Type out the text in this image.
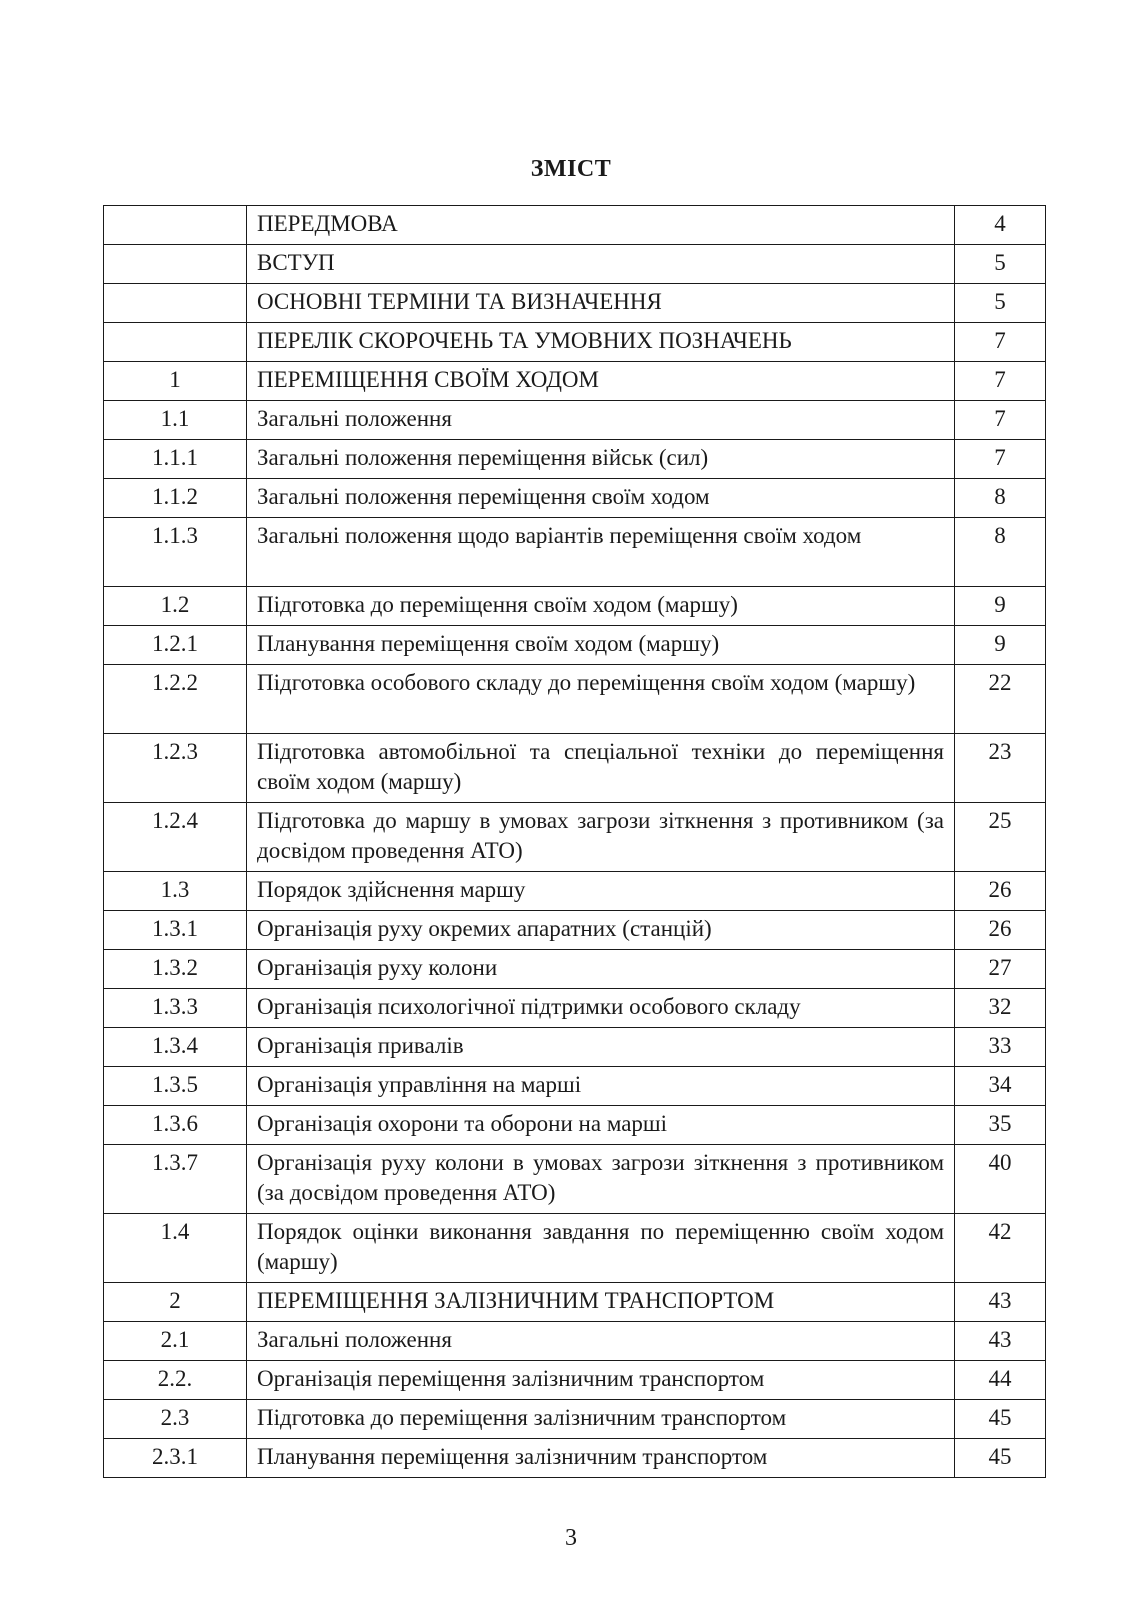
ЗМІСТ
	ПЕРЕДМОВА	4
	ВСТУП	5
	ОСНОВНІ ТЕРМІНИ ТА ВИЗНАЧЕННЯ	5
	ПЕРЕЛІК СКОРОЧЕНЬ ТА УМОВНИХ ПОЗНАЧЕНЬ	7
1	ПЕРЕМІЩЕННЯ СВОЇМ ХОДОМ	7
1.1	Загальні положення	7
1.1.1	Загальні положення переміщення військ (сил)	7
1.1.2	Загальні положення переміщення своїм ходом	8
1.1.3	Загальні положення щодо варіантів переміщення своїм ходом	8
1.2	Підготовка до переміщення своїм ходом (маршу)	9
1.2.1	Планування переміщення своїм ходом (маршу)	9
1.2.2	Підготовка особового складу до переміщення своїм ходом (маршу)	22
1.2.3	Підготовка автомобільної та спеціальної техніки до переміщення своїм ходом (маршу)	23
1.2.4	Підготовка до маршу в умовах загрози зіткнення з противником (за досвідом проведення АТО)	25
1.3	Порядок здійснення маршу	26
1.3.1	Організація руху окремих апаратних (станцій)	26
1.3.2	Організація руху колони	27
1.3.3	Організація психологічної підтримки особового складу	32
1.3.4	Організація привалів	33
1.3.5	Організація управління на марші	34
1.3.6	Організація охорони та оборони на марші	35
1.3.7	Організація руху колони в умовах загрози зіткнення з противником (за досвідом проведення АТО)	40
1.4	Порядок оцінки виконання завдання по переміщенню своїм ходом (маршу)	42
2	ПЕРЕМІЩЕННЯ ЗАЛІЗНИЧНИМ ТРАНСПОРТОМ	43
2.1	Загальні положення	43
2.2.	Організація переміщення залізничним транспортом	44
2.3	Підготовка до переміщення залізничним транспортом	45
2.3.1	Планування переміщення залізничним транспортом	45
3
